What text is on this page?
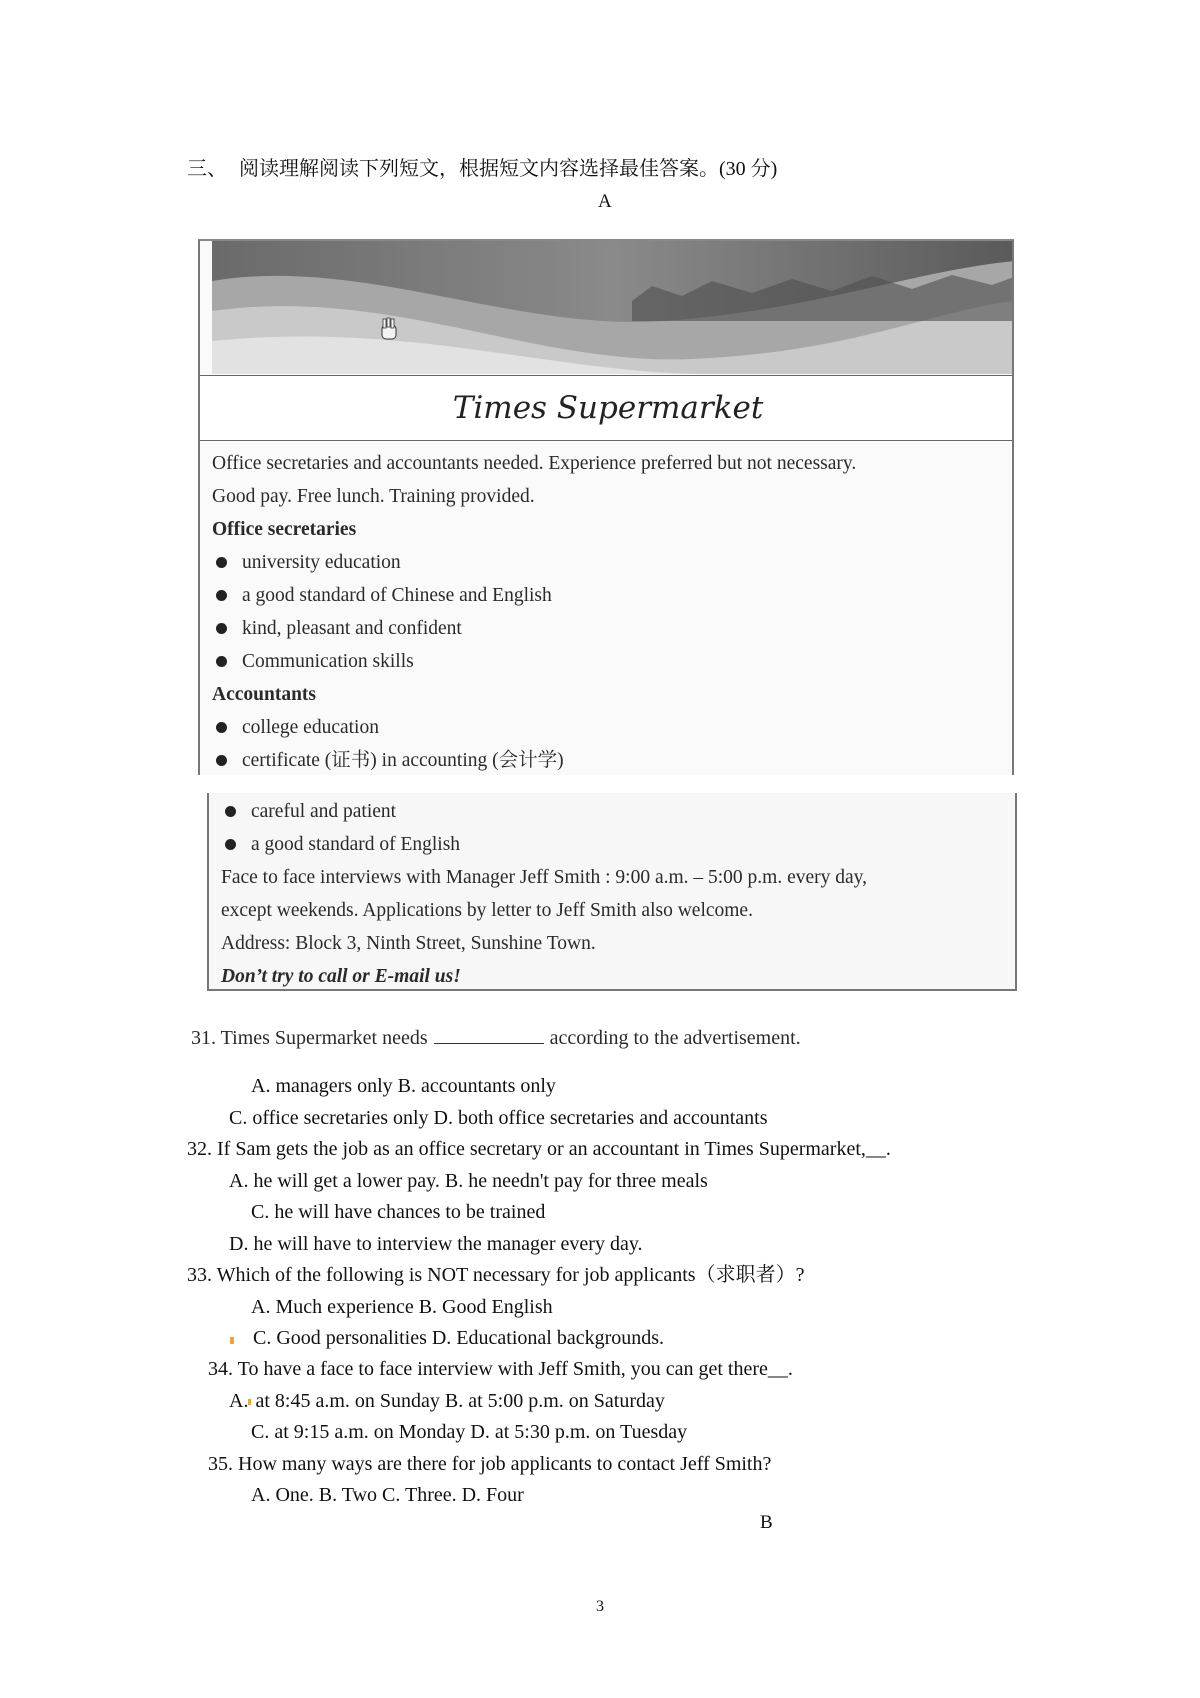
三、 阅读理解阅读下列短文，根据短文内容选择最佳答案。(30 分)
A
Times Supermarket
Office secretaries and accountants needed. Experience preferred but not necessary.
Good pay. Free lunch. Training provided.
Office secretaries
university education
a good standard of Chinese and English
kind, pleasant and confident
Communication skills
Accountants
college education
certificate (证书) in accounting (会计学)
careful and patient
a good standard of English
Face to face interviews with Manager Jeff Smith : 9:00 a.m. – 5:00 p.m. every day,
except weekends. Applications by letter to Jeff Smith also welcome.
Address: Block 3, Ninth Street, Sunshine Town.
Don’t try to call or E-mail us!
31. Times Supermarket needs	according to the advertisement.
A. managers only B. accountants only
C. office secretaries only D. both office secretaries and accountants
32. If Sam gets the job as an office secretary or an accountant in Times Supermarket,__.
A. he will get a lower pay. B. he needn't pay for three meals
C. he will have chances to be trained
D. he will have to interview the manager every day.
33. Which of the following is NOT necessary for job applicants（求职者）?
A. Much experience B. Good English
C. Good personalities D. Educational backgrounds.
34. To have a face to face interview with Jeff Smith, you can get there__.
A. at 8:45 a.m. on Sunday B. at 5:00 p.m. on Saturday
C. at 9:15 a.m. on Monday D. at 5:30 p.m. on Tuesday
35. How many ways are there for job applicants to contact Jeff Smith?
A. One. B. Two C. Three. D. Four
B
3
